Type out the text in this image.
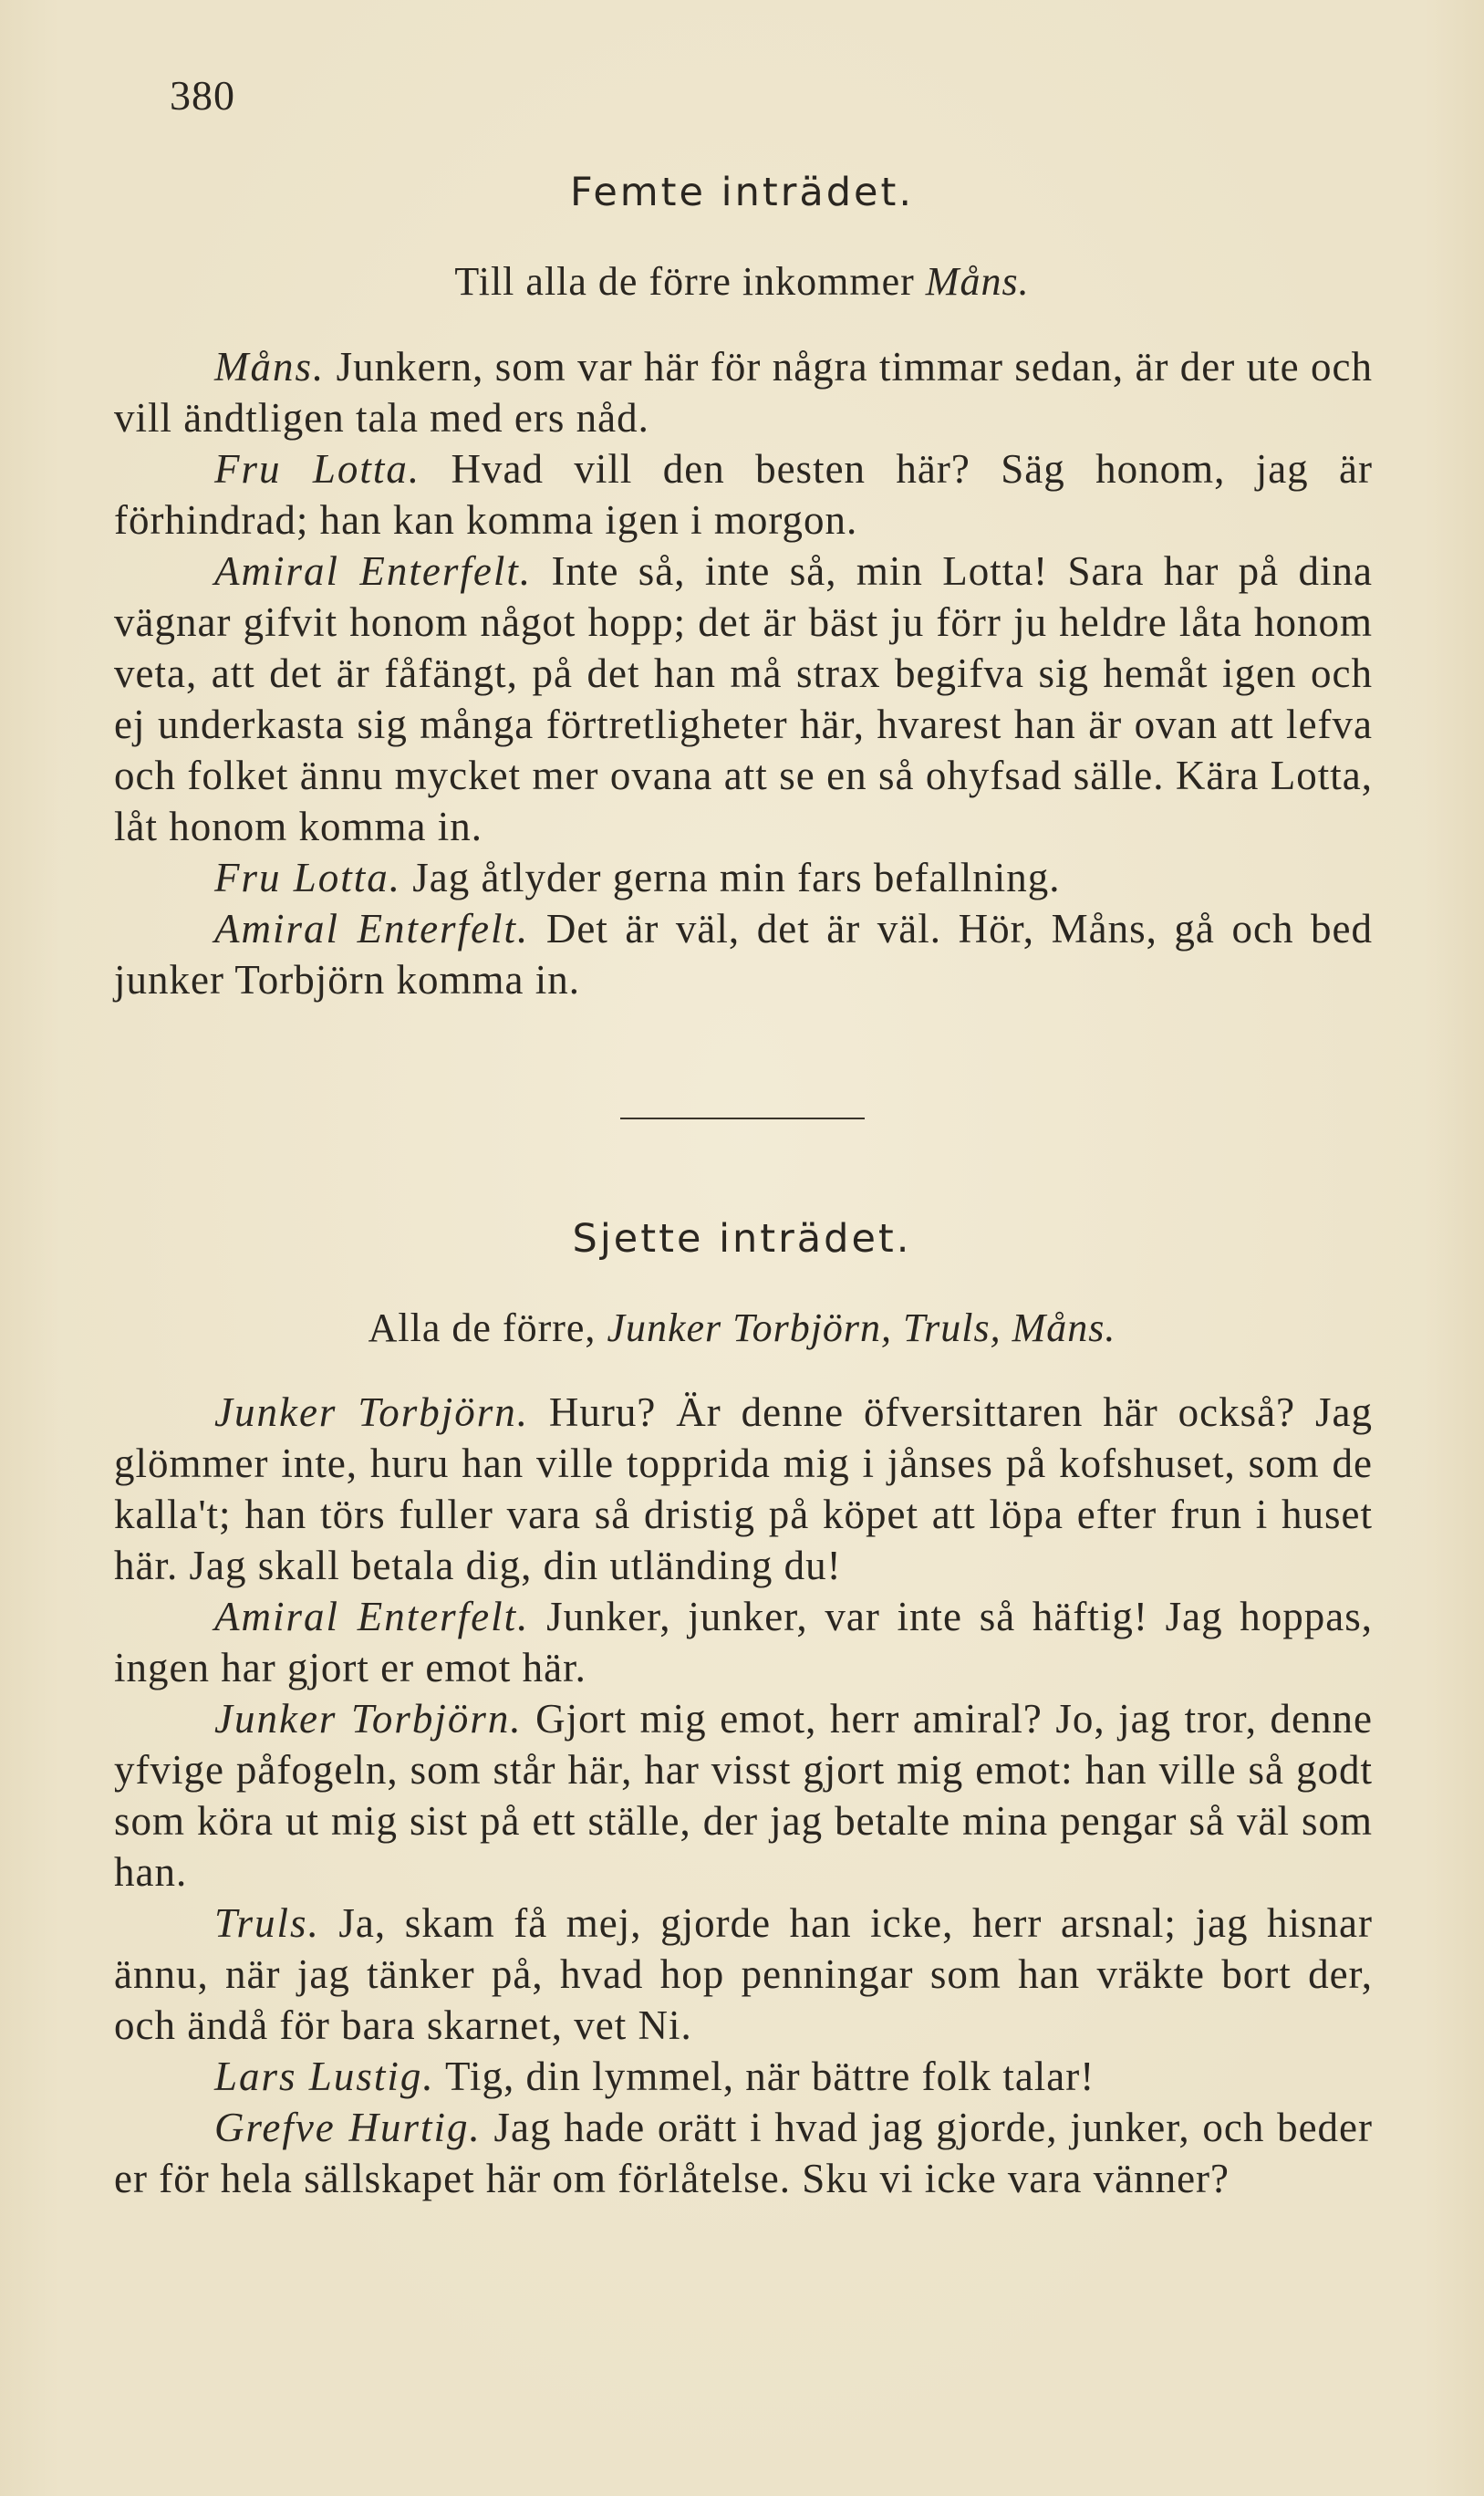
380
Femte inträdet.
Till alla de förre inkommer Måns.

Måns. Junkern, som var här för några timmar sedan, är der ute och vill ändtligen tala med ers nåd.

Fru Lotta. Hvad vill den besten här? Säg honom, jag är förhindrad; han kan komma igen i morgon.

Amiral Enterfelt. Inte så, inte så, min Lotta! Sara har på dina vägnar gifvit honom något hopp; det är bäst ju förr ju heldre låta honom veta, att det är fåfängt, på det han må strax begifva sig hemåt igen och ej underkasta sig många förtretligheter här, hvarest han är ovan att lefva och folket ännu mycket mer ovana att se en så ohyfsad sälle. Kära Lotta, låt honom komma in.

Fru Lotta. Jag åtlyder gerna min fars befallning.

Amiral Enterfelt. Det är väl, det är väl. Hör, Måns, gå och bed junker Torbjörn komma in.

Sjette inträdet.
Alla de förre, Junker Torbjörn, Truls, Måns.

Junker Torbjörn. Huru? Är denne öfversittaren här också? Jag glömmer inte, huru han ville topprida mig i jånses på kofshuset, som de kalla't; han törs fuller vara så dristig på köpet att löpa efter frun i huset här. Jag skall betala dig, din utländing du!

Amiral Enterfelt. Junker, junker, var inte så häftig! Jag hoppas, ingen har gjort er emot här.

Junker Torbjörn. Gjort mig emot, herr amiral? Jo, jag tror, denne yfvige påfogeln, som står här, har visst gjort mig emot: han ville så godt som köra ut mig sist på ett ställe, der jag betalte mina pengar så väl som han.

Truls. Ja, skam få mej, gjorde han icke, herr arsnal; jag hisnar ännu, när jag tänker på, hvad hop penningar som han vräkte bort der, och ändå för bara skarnet, vet Ni.

Lars Lustig. Tig, din lymmel, när bättre folk talar!

Grefve Hurtig. Jag hade orätt i hvad jag gjorde, junker, och beder er för hela sällskapet här om förlåtelse. Sku vi icke vara vänner?
